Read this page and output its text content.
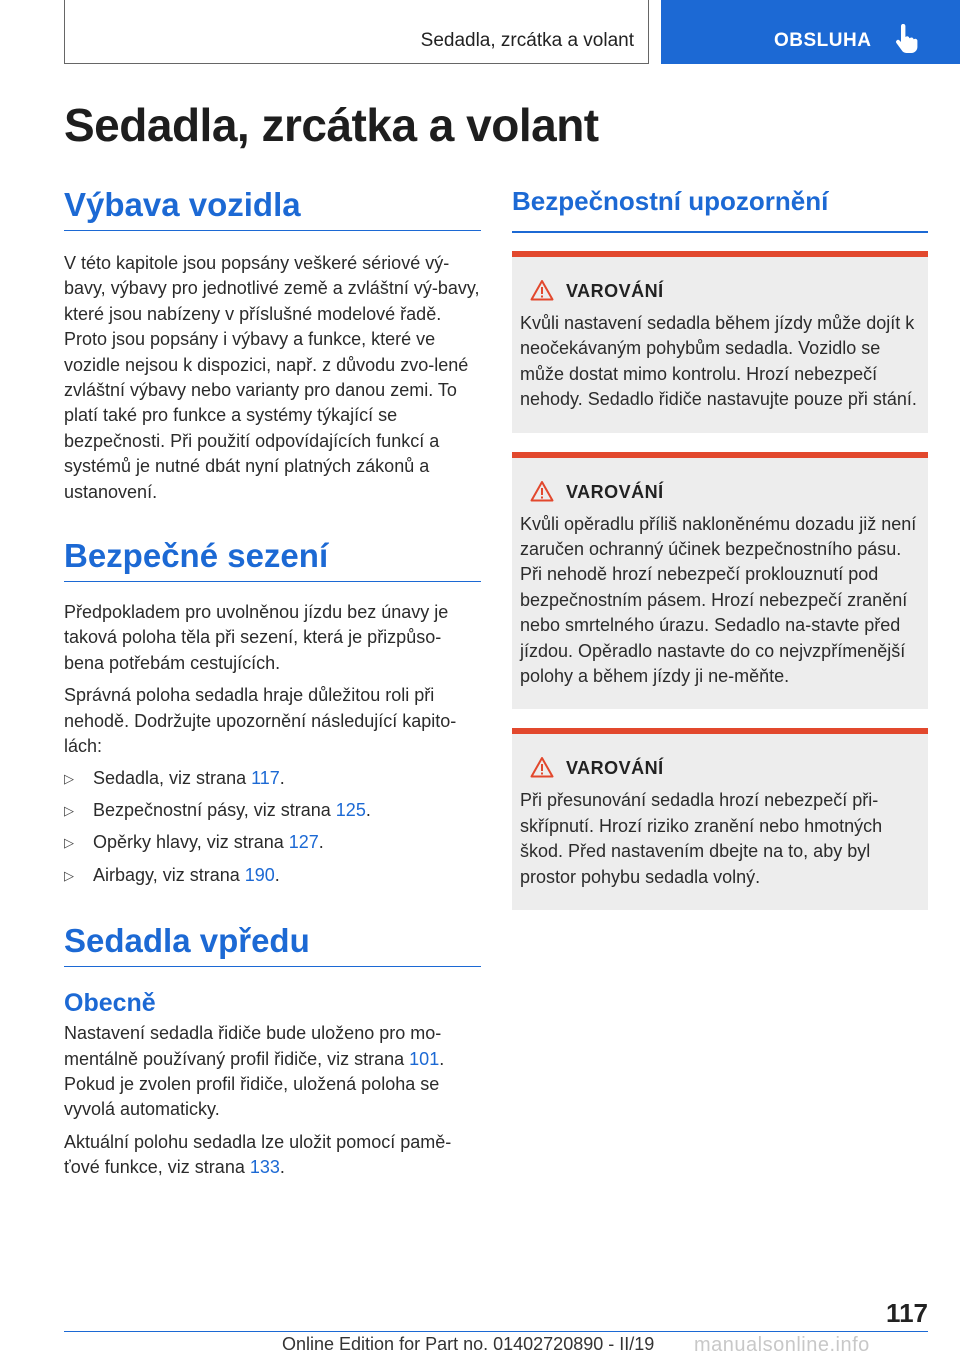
Sedadla, zrcátka a volant	OBSLUHA
Sedadla, zrcátka a volant
Výbava vozidla

V této kapitole jsou popsány veškeré sériové vý-bavy, výbavy pro jednotlivé země a zvláštní vý-bavy, které jsou nabízeny v příslušné modelové řadě. Proto jsou popsány i výbavy a funkce, které ve vozidle nejsou k dispozici, např. z důvodu zvo-lené zvláštní výbavy nebo varianty pro danou zemi. To platí také pro funkce a systémy týkající se bezpečnosti. Při použití odpovídajících funkcí a systémů je nutné dbát nyní platných zákonů a ustanovení.

Bezpečné sezení

Předpokladem pro uvolněnou jízdu bez únavy je taková poloha těla při sezení, která je přizpůso-bena potřebám cestujících.

Správná poloha sedadla hraje důležitou roli při nehodě. Dodržujte upozornění následující kapito-lách:

▷ Sedadla, viz strana 117.
▷ Bezpečnostní pásy, viz strana 125.
▷ Opěrky hlavy, viz strana 127.
▷ Airbagy, viz strana 190.
Sedadla vpředu
Obecně

Nastavení sedadla řidiče bude uloženo pro mo-mentálně používaný profil řidiče, viz strana 101.

Pokud je zvolen profil řidiče, uložená poloha se vyvolá automaticky.

Aktuální polohu sedadla lze uložit pomocí pamě-ťové funkce, viz strana 133.

Bezpečnostní upozornění
VAROVÁNÍ

Kvůli nastavení sedadla během jízdy může dojít k neočekávaným pohybům sedadla. Vozidlo se může dostat mimo kontrolu. Hrozí nebezpečí nehody. Sedadlo řidiče nastavujte pouze při stání.

VAROVÁNÍ

Kvůli opěradlu příliš nakloněnému dozadu již není zaručen ochranný účinek bezpečnostního pásu. Při nehodě hrozí nebezpečí proklouznutí pod bezpečnostním pásem. Hrozí nebezpečí zranění nebo smrtelného úrazu. Sedadlo na-stavte před jízdou. Opěradlo nastavte do co nejvzpřímenější polohy a během jízdy ji ne-měňte.

VAROVÁNÍ

Při přesunování sedadla hrozí nebezpečí při-skřípnutí. Hrozí riziko zranění nebo hmotných škod. Před nastavením dbejte na to, aby byl prostor pohybu sedadla volný.

117
Online Edition for Part no. 01402720890 - II/19 manualsonline.info
